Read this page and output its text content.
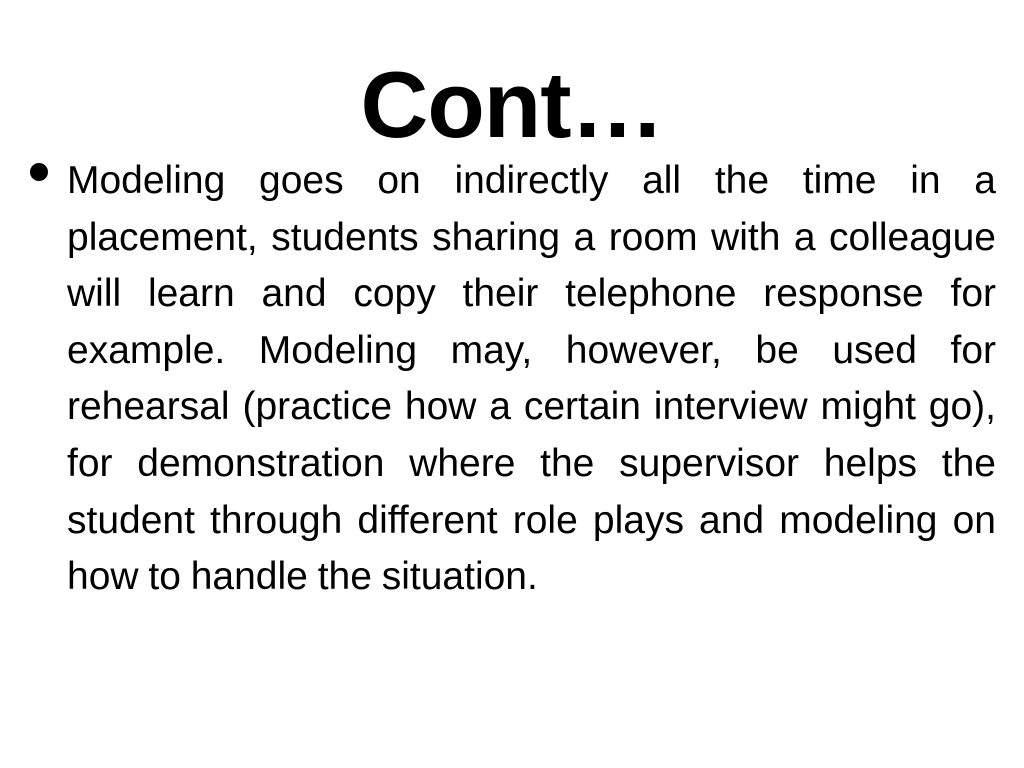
Cont…
Modeling goes on indirectly all the time in a placement, students sharing a room with a colleague will learn and copy their telephone response for example. Modeling may, however, be used for rehearsal (practice how a certain interview might go), for demonstration where the supervisor helps the student through different role plays and modeling on how to handle the situation.
